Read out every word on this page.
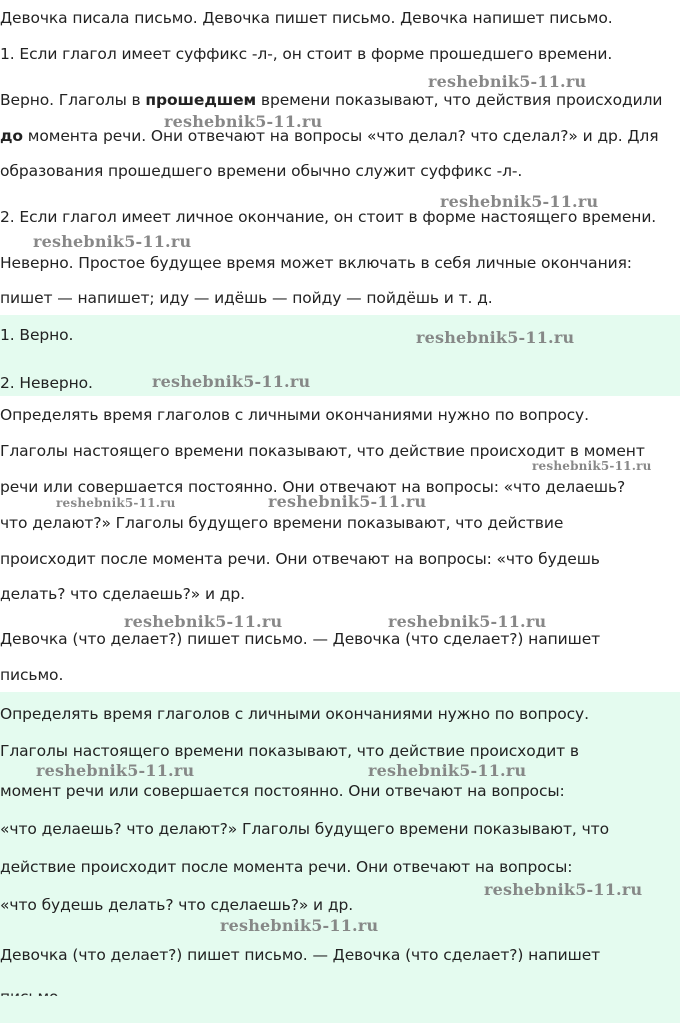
Девочка писала письмо. Девочка пишет письмо. Девочка напишет письмо.

1. Если глагол имеет суффикс -л-, он стоит в форме прошедшего времени.

Верно. Глаголы в прошедшем времени показывают, что действия происходили

до момента речи. Они отвечают на вопросы «что делал? что сделал?» и др. Для

образования прошедшего времени обычно служит суффикс -л-.

2. Если глагол имеет личное окончание, он стоит в форме настоящего времени.

Неверно. Простое будущее время может включать в себя личные окончания:

пишет — напишет; иду — идёшь — пойду — пойдёшь и т. д.

1. Верно.

2. Неверно.

Определять время глаголов с личными окончаниями нужно по вопросу.

Глаголы настоящего времени показывают, что действие происходит в момент

речи или совершается постоянно. Они отвечают на вопросы: «что делаешь?

что делают?» Глаголы будущего времени показывают, что действие

происходит после момента речи. Они отвечают на вопросы: «что будешь

делать? что сделаешь?» и др.

Девочка (что делает?) пишет письмо. — Девочка (что сделает?) напишет

письмо.

Определять время глаголов с личными окончаниями нужно по вопросу.

Глаголы настоящего времени показывают, что действие происходит в

момент речи или совершается постоянно. Они отвечают на вопросы:

«что делаешь? что делают?» Глаголы будущего времени показывают, что

действие происходит после момента речи. Они отвечают на вопросы:

«что будешь делать? что сделаешь?» и др.

Девочка (что делает?) пишет письмо. — Девочка (что сделает?) напишет

reshebnik5-11.ru
reshebnik5-11.ru
reshebnik5-11.ru
reshebnik5-11.ru
reshebnik5-11.ru
reshebnik5-11.ru
reshebnik5-11.ru
reshebnik5-11.ru	reshebnik5-11.ru
reshebnik5-11.ru	reshebnik5-11.ru
reshebnik5-11.ru	reshebnik5-11.ru
reshebnik5-11.ru
reshebnik5-11.ru
